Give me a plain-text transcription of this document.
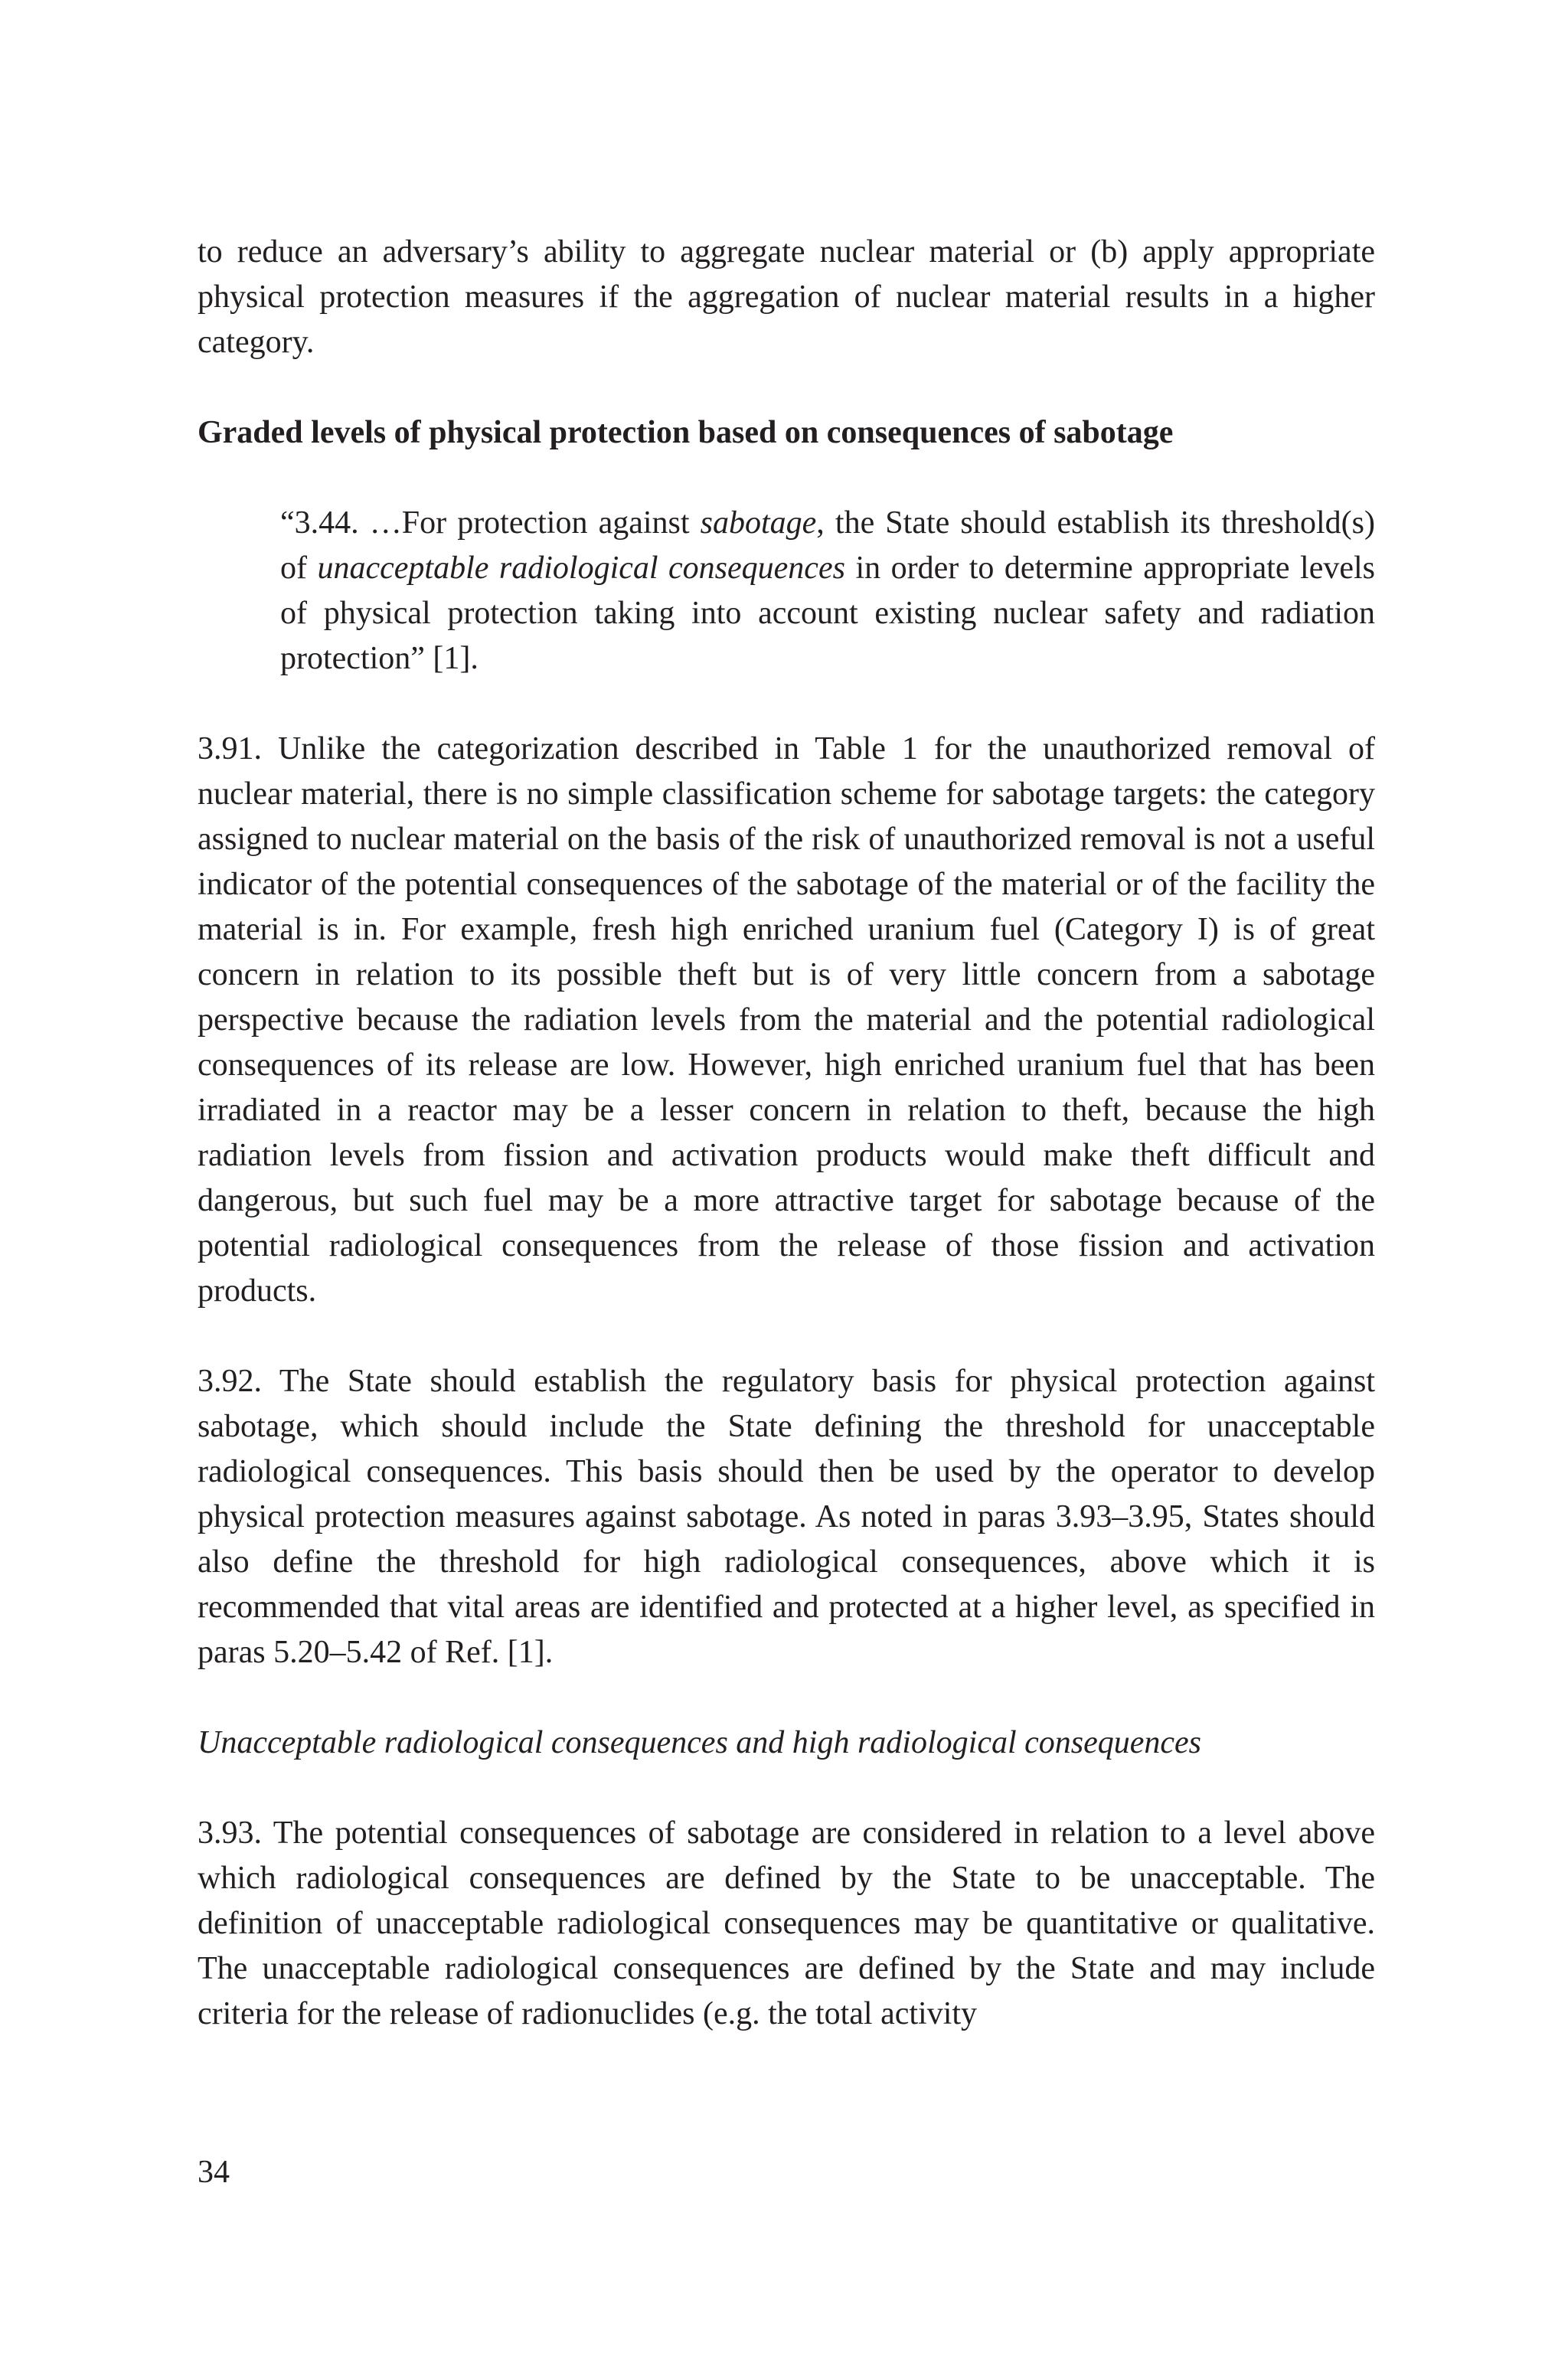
to reduce an adversary’s ability to aggregate nuclear material or (b) apply appropriate physical protection measures if the aggregation of nuclear material results in a higher category.

Graded levels of physical protection based on consequences of sabotage

“3.44. …For protection against sabotage, the State should establish its threshold(s) of unacceptable radiological consequences in order to determine appropriate levels of physical protection taking into account existing nuclear safety and radiation protection” [1].

3.91. Unlike the categorization described in Table 1 for the unauthorized removal of nuclear material, there is no simple classification scheme for sabotage targets: the category assigned to nuclear material on the basis of the risk of unauthorized removal is not a useful indicator of the potential consequences of the sabotage of the material or of the facility the material is in. For example, fresh high enriched uranium fuel (Category I) is of great concern in relation to its possible theft but is of very little concern from a sabotage perspective because the radiation levels from the material and the potential radiological consequences of its release are low. However, high enriched uranium fuel that has been irradiated in a reactor may be a lesser concern in relation to theft, because the high radiation levels from fission and activation products would make theft difficult and dangerous, but such fuel may be a more attractive target for sabotage because of the potential radiological consequences from the release of those fission and activation products.

3.92. The State should establish the regulatory basis for physical protection against sabotage, which should include the State defining the threshold for unacceptable radiological consequences. This basis should then be used by the operator to develop physical protection measures against sabotage. As noted in paras 3.93–3.95, States should also define the threshold for high radiological consequences, above which it is recommended that vital areas are identified and protected at a higher level, as specified in paras 5.20–5.42 of Ref. [1].

Unacceptable radiological consequences and high radiological consequences

3.93. The potential consequences of sabotage are considered in relation to a level above which radiological consequences are defined by the State to be unacceptable. The definition of unacceptable radiological consequences may be quantitative or qualitative. The unacceptable radiological consequences are defined by the State and may include criteria for the release of radionuclides (e.g. the total activity

34
